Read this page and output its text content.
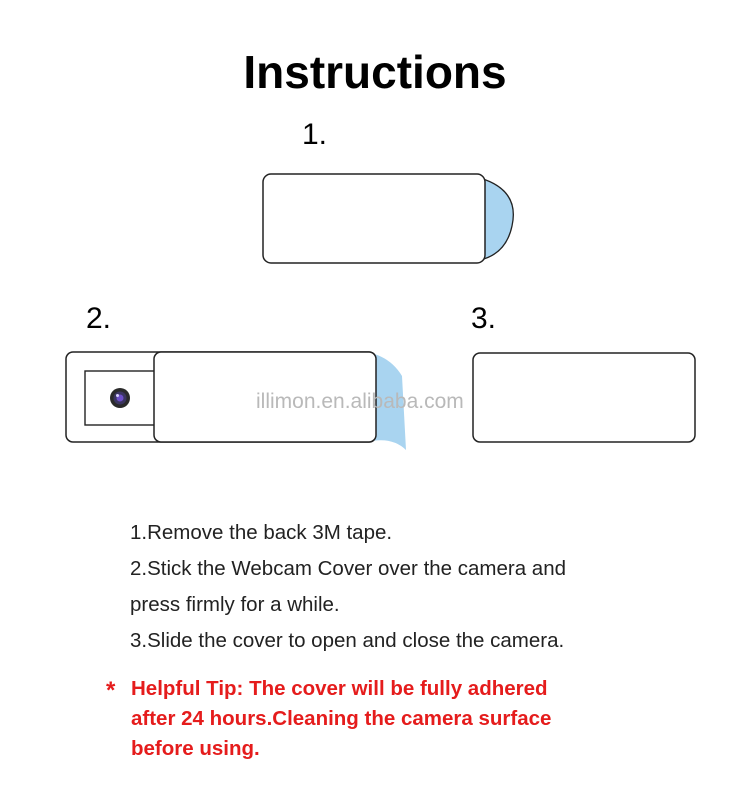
Instructions
1.
2.	3.
illimon.en.alibaba.com
1.Remove the back 3M tape.
2.Stick the Webcam Cover over the camera and
press firmly for a while.
3.Slide the cover to open and close the camera.
* Helpful Tip: The cover will be fully adhered
after 24 hours.Cleaning the camera surface
before using.
